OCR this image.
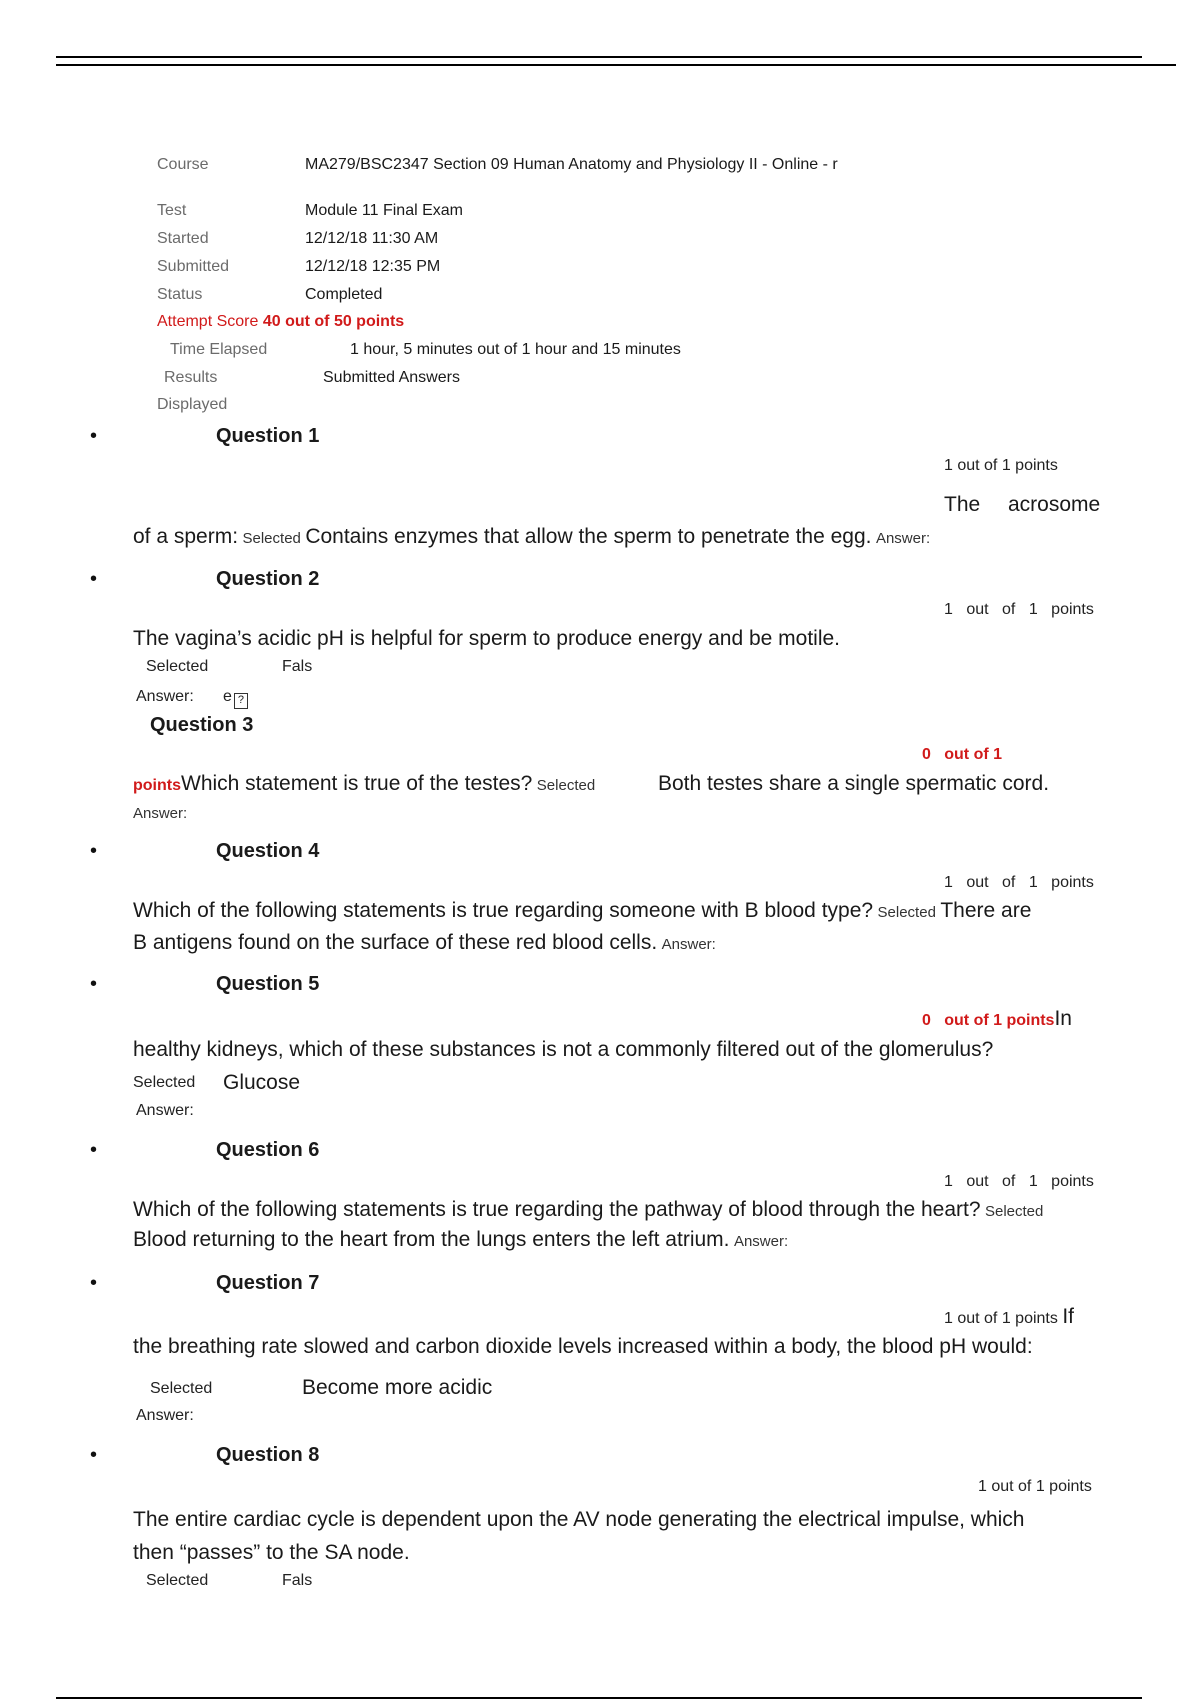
Course	MA279/BSC2347 Section 09 Human Anatomy and Physiology II - Online - r
Test	Module 11 Final Exam
Started	12/12/18 11:30 AM
Submitted	12/12/18 12:35 PM
Status	Completed
Attempt Score 40 out of 50 points
Time Elapsed	1 hour, 5 minutes out of 1 hour and 15 minutes
Results	Submitted Answers
Displayed
•	Question 1
1 out of 1 points
The acrosome
of a sperm: Selected Contains enzymes that allow the sperm to penetrate the egg. Answer:
•	Question 2
1 out of 1 points
The vagina’s acidic pH is helpful for sperm to produce energy and be motile.
Selected	Fals
Answer: e ?
Question 3
0 out of 1
pointsWhich statement is true of the testes? Selected	Both testes share a single spermatic cord.
Answer:
•	Question 4
1 out of 1 points
Which of the following statements is true regarding someone with B blood type? Selected There are
B antigens found on the surface of these red blood cells. Answer:
•	Question 5
0 out of 1 pointsIn
healthy kidneys, which of these substances is not a commonly filtered out of the glomerulus?
Selected Glucose
Answer:
•	Question 6
1 out of 1 points
Which of the following statements is true regarding the pathway of blood through the heart? Selected
Blood returning to the heart from the lungs enters the left atrium. Answer:
•	Question 7
1 out of 1 points If
the breathing rate slowed and carbon dioxide levels increased within a body, the blood pH would:
Selected	Become more acidic
Answer:
•	Question 8
1 out of 1 points
The entire cardiac cycle is dependent upon the AV node generating the electrical impulse, which
then “passes” to the SA node.
Selected	Fals
